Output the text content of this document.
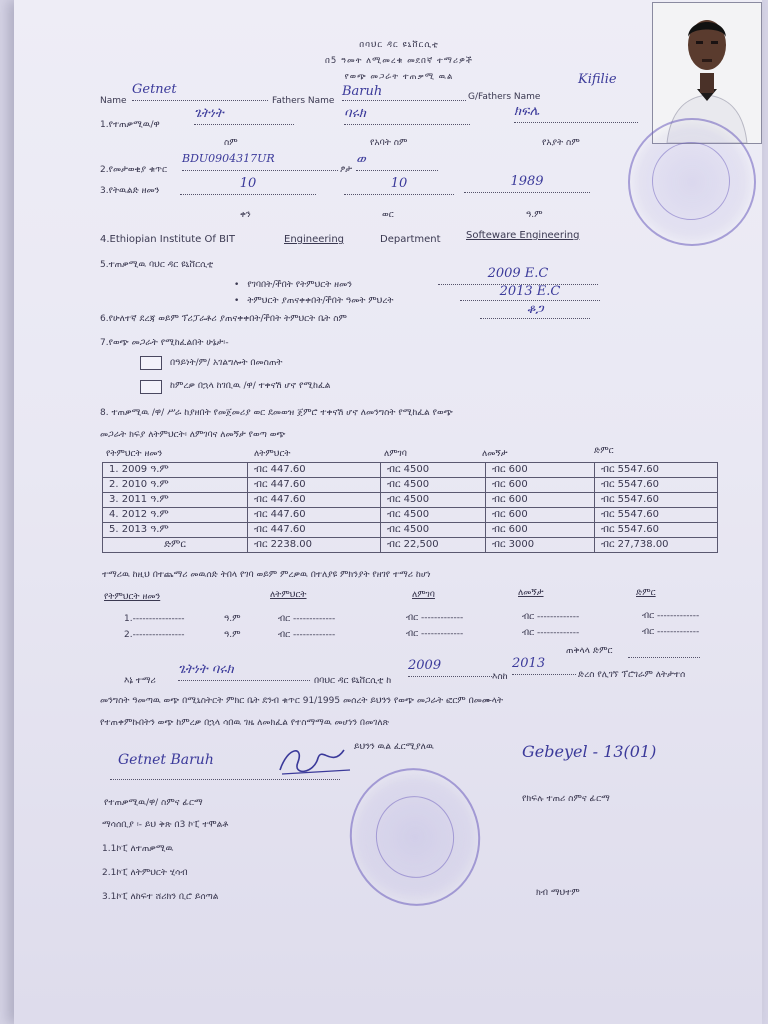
በባህር ዳር ዩኒቨርሲቲ
በ5 ዓመት ለሚመረቁ መደበኛ ተማሪዎች
የወጭ መጋራት ተጠቃሚ ዉል
Name
Getnet
Fathers Name
Baruh	G/Fathers Name
Kifilie
1.የተጠቃሚዉ/ዋ
ጌትነት	ባሩክ	ክፍሌ
ስም	የአባት ስም	የአያት ስም
2.የመታወቂያ ቁጥር
BDU0904317UR
ፆታ
ወ
3.የትዉልድ ዘመን	10	10	1989
ቀን	ወር	ዓ.ም
4.Ethiopian Institute Of BIT	Engineering	Department	Softeware Engineering
5.ተጠቃሚዉ ባህር ዳር ዩኒቨርሲቲ
• የገባበት/ችበት የትምህርት ዘመን
2009 E.C
• ትምህርት ያጠናቀቀበት/ችበት ዓመት ምህረት
2013 E.C
6.የሁለተኛ ደረጃ ወይም ፕሪፓራቶሪ ያጠናቀቀበት/ችበት ትምህርት ቤት ስም
ቆጋ
7.የወጭ መጋራት የሚከፈልበት ሁኔታ፡-
በዓይነት/ም/ አገልግሎት በመስጠት
ከምረቃ በኋላ ከገቢዉ /ዋ/ ተቀናሽ ሆኖ የሚከፈል
8. ተጠቃሚዉ /ዋ/ ሥራ ከያዘበት የመጀመሪያ ወር ደመወዝ ጀምሮ ተቀናሽ ሆኖ ለመንግስት የሚከፈል የወጭ
መጋራት ክፍያ ለትምህርት፡ ለምገባና ለመኝታ የወጣ ወጭ
የትምህርት ዘመን	ለትምህርት	ለምገባ	ለመኝታ	ድምር
1. 2009 ዓ.ም	ብር 447.60	ብር 4500	ብር 600	ብር 5547.60
2. 2010 ዓ.ም	ብር 447.60	ብር 4500	ብር 600	ብር 5547.60
3. 2011 ዓ.ም	ብር 447.60	ብር 4500	ብር 600	ብር 5547.60
4. 2012 ዓ.ም	ብር 447.60	ብር 4500	ብር 600	ብር 5547.60
5. 2013 ዓ.ም	ብር 447.60	ብር 4500	ብር 600	ብር 5547.60
ድምር	ብር 2238.00	ብር 22,500	ብር 3000	ብር 27,738.00
ተማሪዉ ከዚህ በተጨማሪ መዉሰድ ትበላ የገባ ወይም ምረቃዉ በተለያዩ ምክንያት የዘገየ ተማሪ ከሆነ
የትምህርት ዘመን	ለትምህርት	ለምገባ	ለመኝታ	ድምር
1.----------------	ዓ.ም	ብር -------------	ብር -------------	ብር -------------	ብር -------------
2.----------------	ዓ.ም	ብር -------------	ብር -------------	ብር -------------	ብር -------------
ጠቅላላ ድምር
እኔ ተማሪ
ጌትነት ባሩክ
በባህር ዳር ዩኒቨርሲቲ ከ
2009
እስከ
2013
ድረስ የሊገኘ ፕሮገራም ለትታተሰ
መንግስት ዓመጣዉ ወጭ በሚኒስትርት ምክር ቤት ደንብ ቁጥር 91/1995 መሰረት ይህንን የወጭ መጋራት ፎርም በመሙላት
የተጠቀምኩበትን ወጭ ከምረቃ በኋላ ሳበዉ ገዜ ለመክፈል የተስማማዉ መሆነን በመገለጽ
ይህንን ዉል ፈርሚያለዉ
Getnet Baruh	Gebeyel - 13(01)
የተጠቃሚዉ/ዋ/ ስምና ፊርማ	የክፍሉ ተጠሪ ስምና ፊርማ
ማሳሰቢያ ፡- ይህ ቅጽ በ3 ኮፒ ተሞልቶ
1.1ኮፒ ለተጠቃሚዉ
2.1ኮፒ ለትምህርት ሂሳብ
3.1ኮፒ ለከፍተ ሸሪክን ቢሮ ይሰጣል	ክብ ማህተም
